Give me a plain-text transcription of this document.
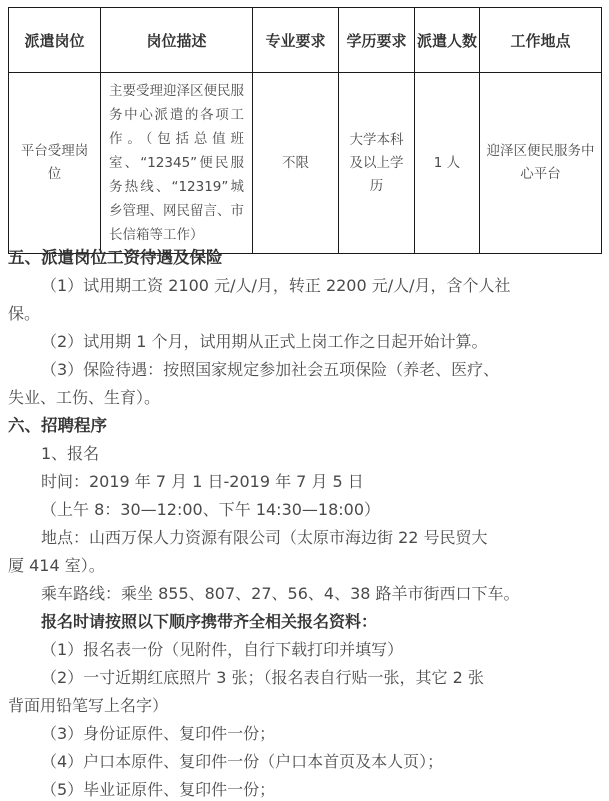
派遣岗位	岗位描述	专业要求	学历要求	派遣人数	工作地点
平台受理岗位	主要受理迎泽区便民服务中心派遣的各项工作。（包括总值班室、“12345”便民服务热线、“12319”城乡管理、网民留言、市长信箱等工作）	不限	大学本科及以上学历	1 人	迎泽区便民服务中心平台
五、派遣岗位工资待遇及保险
（1）试用期工资 2100 元/人/月，转正 2200 元/人/月，含个人社
保。
（2）试用期 1 个月，试用期从正式上岗工作之日起开始计算。
（3）保险待遇：按照国家规定参加社会五项保险（养老、医疗、
失业、工伤、生育）。
六、招聘程序
1、报名
时间：2019 年 7 月 1 日-2019 年 7 月 5 日
（上午 8：30—12:00、下午 14:30—18:00）
地点：山西万保人力资源有限公司（太原市海边街 22 号民贸大
厦 414 室）。
乘车路线：乘坐 855、807、27、56、4、38 路羊市街西口下车。
报名时请按照以下顺序携带齐全相关报名资料：
（1）报名表一份（见附件，自行下载打印并填写）
（2）一寸近期红底照片 3 张；（报名表自行贴一张，其它 2 张
背面用铅笔写上名字）
（3）身份证原件、复印件一份；
（4）户口本原件、复印件一份（户口本首页及本人页）；
（5）毕业证原件、复印件一份；
